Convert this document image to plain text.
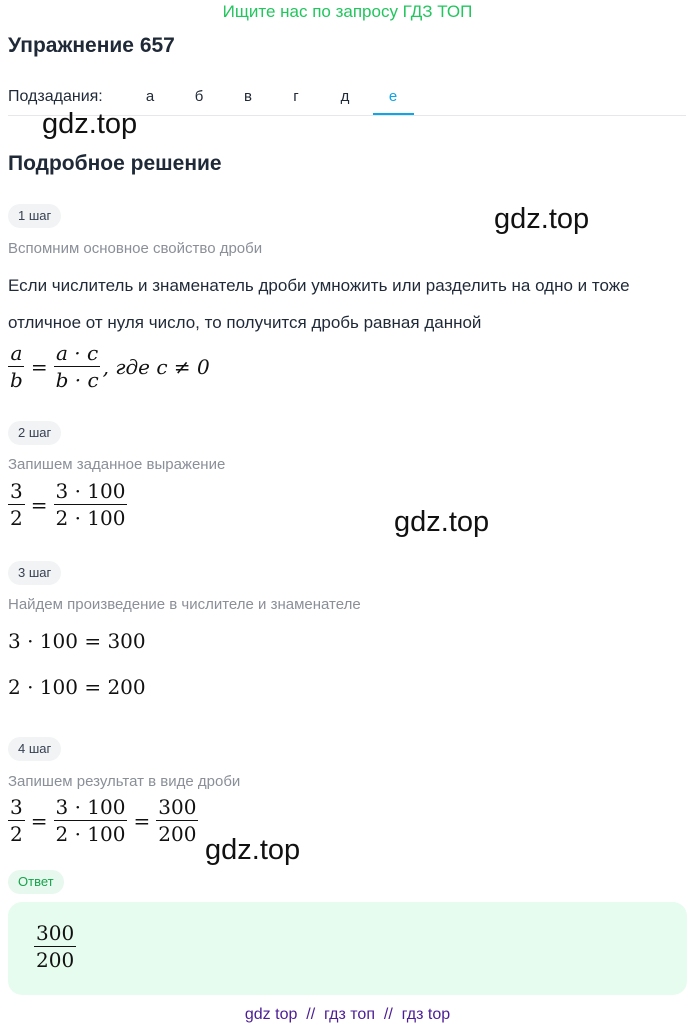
Ищите нас по запросу ГДЗ ТОП
Упражнение 657
Подзадания:	а	б	в	г	д	е
gdz.top
Подробное решение
gdz.top
1 шаг
Вспомним основное свойство дроби
Если числитель и знаменатель дроби умножить или разделить на одно и тоже
отличное от нуля число, то получится дробь равная данной
$\frac{a}{b} = \frac{a \cdot c}{b \cdot c}$ , где c ≠ 0
2 шаг
Запишем заданное выражение
$\frac{3}{2} = \frac{3 \cdot 100}{2 \cdot 100}$	gdz.top
3 шаг
Найдем произведение в числителе и знаменателе
3 · 100 = 300
2 · 100 = 200
4 шаг
Запишем результат в виде дроби
$\frac{3}{2} = \frac{3 \cdot 100}{2 \cdot 100} = \frac{300}{200}$
gdz.top
Ответ
$\frac{300}{200}$
gdz top  //  гдз топ  //  гдз top
